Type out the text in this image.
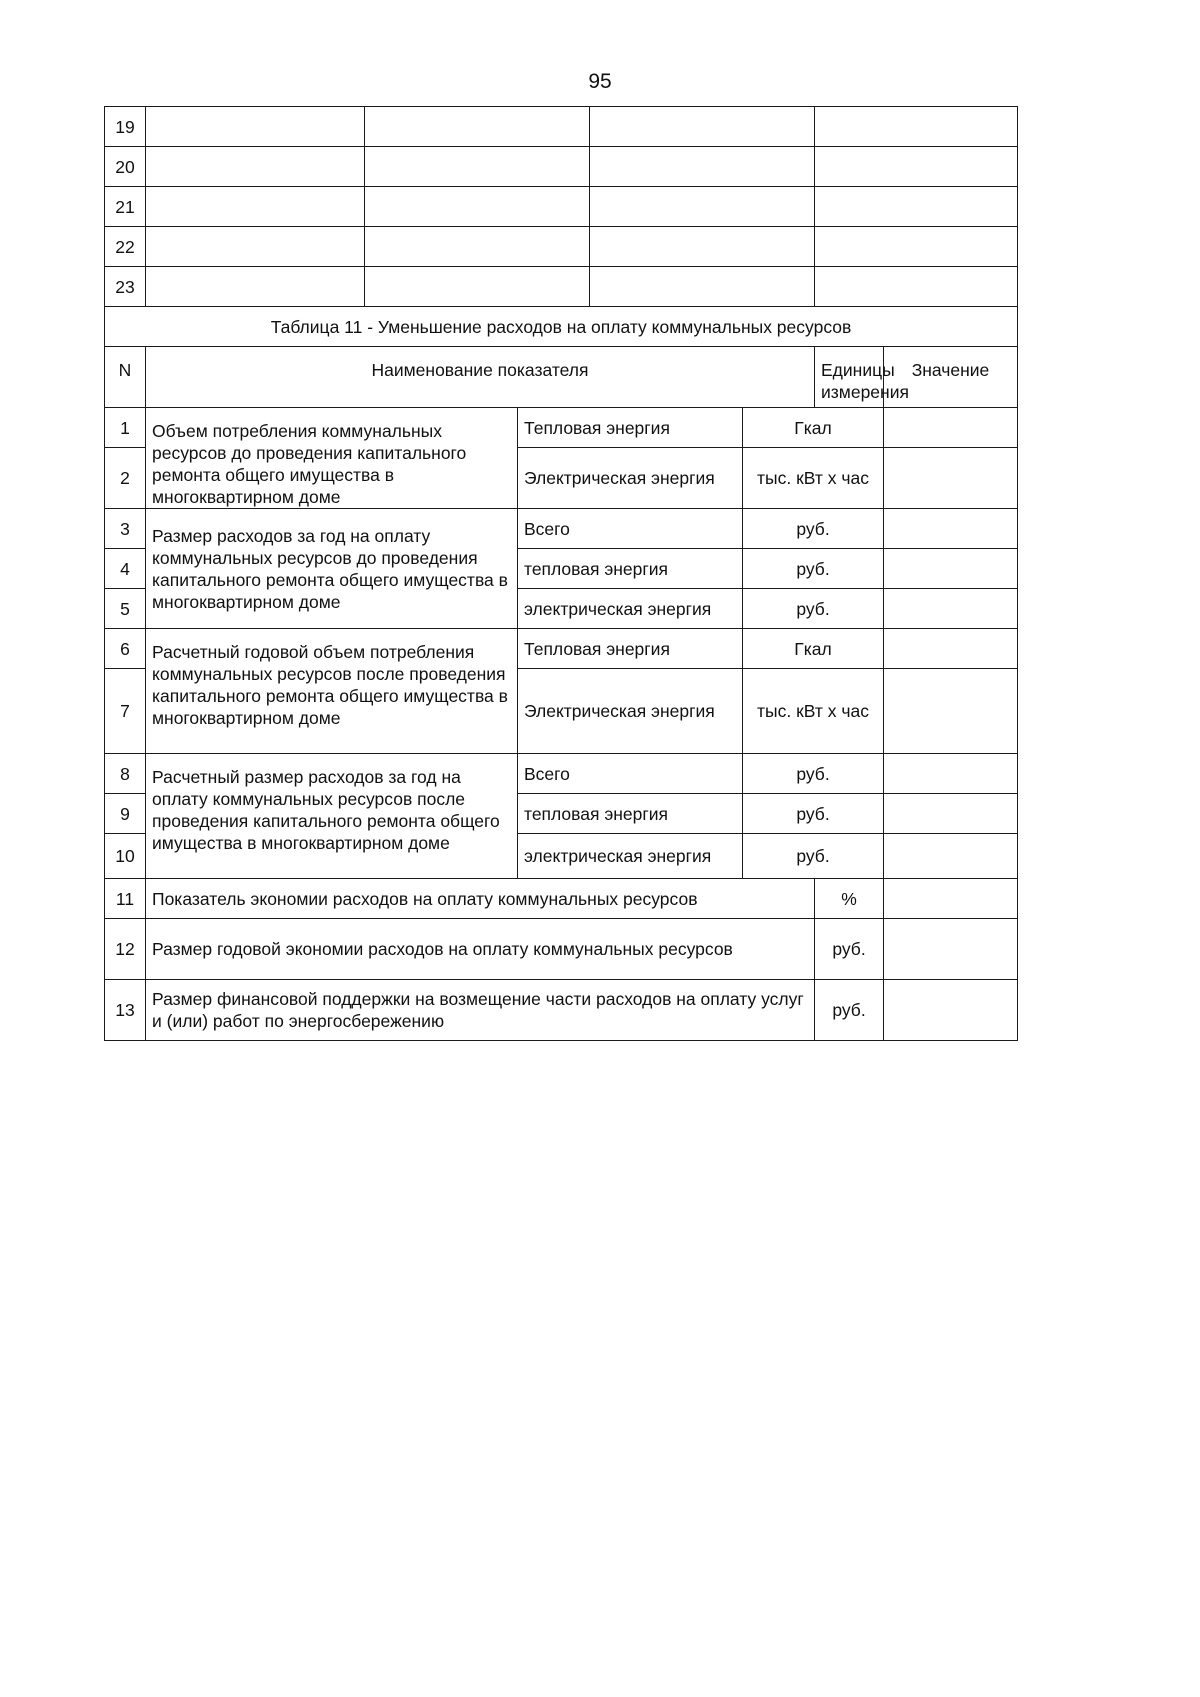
95
19							
20							
21							
22							
23							
Таблица 11 - Уменьшение расходов на оплату коммунальных ресурсов							
N	Наименование показателя					Единицы измерения	Значение
1	Объем потребления коммунальных ресурсов до проведения капитального ремонта общего имущества в многоквартирном доме		Тепловая энергия		Гкал		
2			Электрическая энергия		тыс. кВт x час		
3	Размер расходов за год на оплату коммунальных ресурсов до проведения капитального ремонта общего имущества в многоквартирном доме		Всего		руб.		
4			тепловая энергия		руб.		
5			электрическая энергия		руб.		
6	Расчетный годовой объем потребления коммунальных ресурсов после проведения капитального ремонта общего имущества в многоквартирном доме		Тепловая энергия		Гкал		
7			Электрическая энергия		тыс. кВт x час		
8	Расчетный размер расходов за год на оплату коммунальных ресурсов после проведения капитального ремонта общего имущества в многоквартирном доме		Всего		руб.		
9			тепловая энергия		руб.		
10			электрическая энергия		руб.		
11	Показатель экономии расходов на оплату коммунальных ресурсов					%	
12	Размер годовой экономии расходов на оплату коммунальных ресурсов					руб.	
13	Размер финансовой поддержки на возмещение части расходов на оплату услуг и (или) работ по энергосбережению					руб.	
